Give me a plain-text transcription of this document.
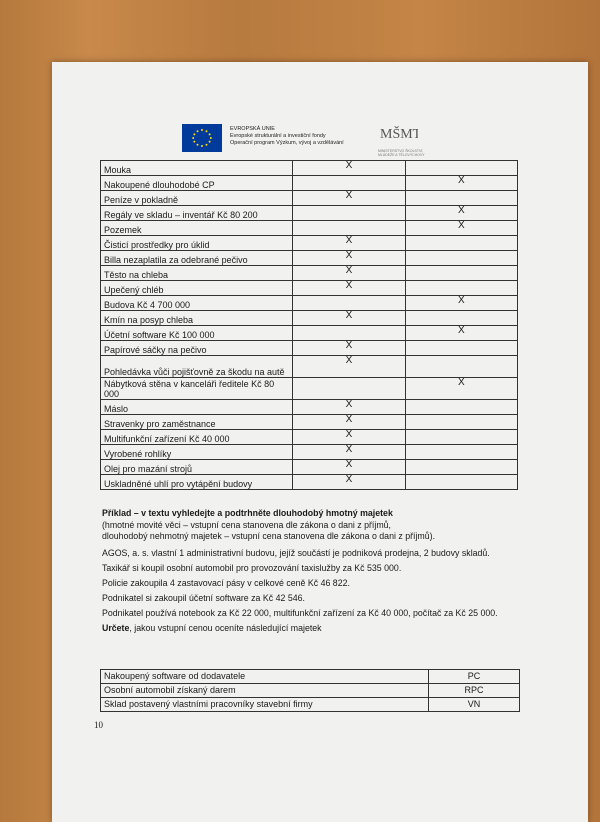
EVROPSKÁ UNIE
Evropské strukturální a investiční fondy
Operační program Výzkum, vývoj a vzdělávání
MŠMT
MINISTERSTVO ŠKOLSTVÍ,
MLÁDEŽE A TĚLOVÝCHOVY
Mouka	X	
Nakoupené dlouhodobé CP		X
Peníze v pokladně	X	
Regály ve skladu – inventář Kč 80 200		X
Pozemek		X
Čisticí prostředky pro úklid	X	
Billa nezaplatila za odebrané pečivo	X	
Těsto na chleba	X	
Upečený chléb	X	
Budova Kč 4 700 000		X
Kmín na posyp chleba	X	
Účetní software Kč 100 000		X
Papírové sáčky na pečivo	X	
Pohledávka vůči pojišťovně za škodu na autě	X	
Nábytková stěna v kanceláři ředitele Kč 80 000		X
Máslo	X	
Stravenky pro zaměstnance	X	
Multifunkční zařízení Kč 40 000	X	
Vyrobené rohlíky	X	
Olej pro mazání strojů	X	
Uskladněné uhlí pro vytápění budovy	X	

Příklad – v textu vyhledejte a podtrhněte dlouhodobý hmotný majetek

(hmotné movité věci – vstupní cena stanovena dle zákona o dani z příjmů,
dlouhodobý nehmotný majetek – vstupní cena stanovena dle zákona o dani z příjmů).

AGOS, a. s. vlastní 1 administrativní budovu, jejíž součástí je podniková prodejna, 2 budovy skladů.

Taxikář si koupil osobní automobil pro provozování taxislužby za Kč 535 000.

Policie zakoupila 4 zastavovací pásy v celkové ceně Kč 46 822.

Podnikatel si zakoupil účetní software za Kč 42 546.

Podnikatel používá notebook za Kč 22 000, multifunkční zařízení za Kč 40 000, počítač za Kč 25 000.

Určete, jakou vstupní cenou oceníte následující majetek

Nakoupený software od dodavatele	PC
Osobní automobil získaný darem	RPC
Sklad postavený vlastními pracovníky stavební firmy	VN
10
